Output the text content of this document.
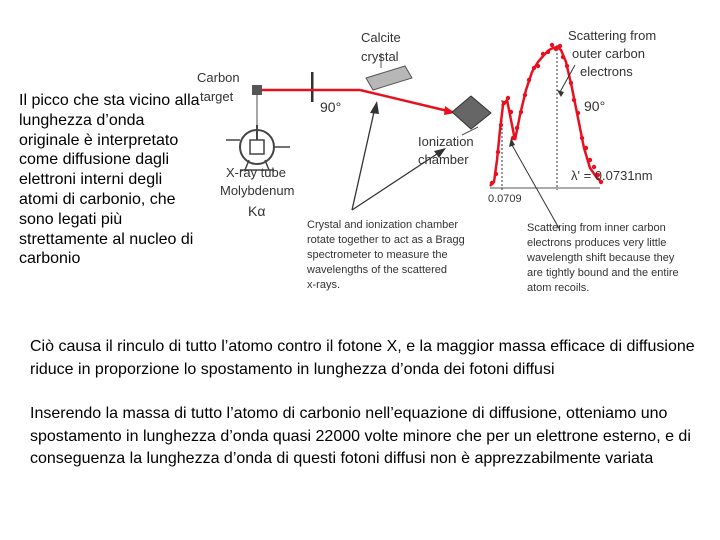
Il picco che sta vicino alla lunghezza d’onda originale è interpretato come diffusione dagli elettroni interni degli atomi di carbonio, che sono legati più strettamente al nucleo di carbonio
Calcite
crystal
Carbon
target
90°
Ionization
chamber
X-ray tube
Molybdenum
Kα
Crystal and ionization chamber
rotate together to act as a Bragg
spectrometer to measure the
wavelengths of the scattered
x-rays.
Scattering from
outer carbon
electrons
90°
λ' = 0.0731nm
0.0709
Scattering from inner carbon
electrons produces very little
wavelength shift because they
are tightly bound and the entire
atom recoils.
Ciò causa il rinculo di tutto l’atomo contro il fotone X, e la maggior massa efficace di diffusione riduce in proporzione lo spostamento in lunghezza d’onda dei fotoni diffusi
Inserendo la massa di tutto l’atomo di carbonio nell’equazione di diffusione, otteniamo uno spostamento in lunghezza d’onda quasi 22000 volte minore che per un elettrone esterno, e di conseguenza la lunghezza d’onda di questi fotoni diffusi non è apprezzabilmente variata
